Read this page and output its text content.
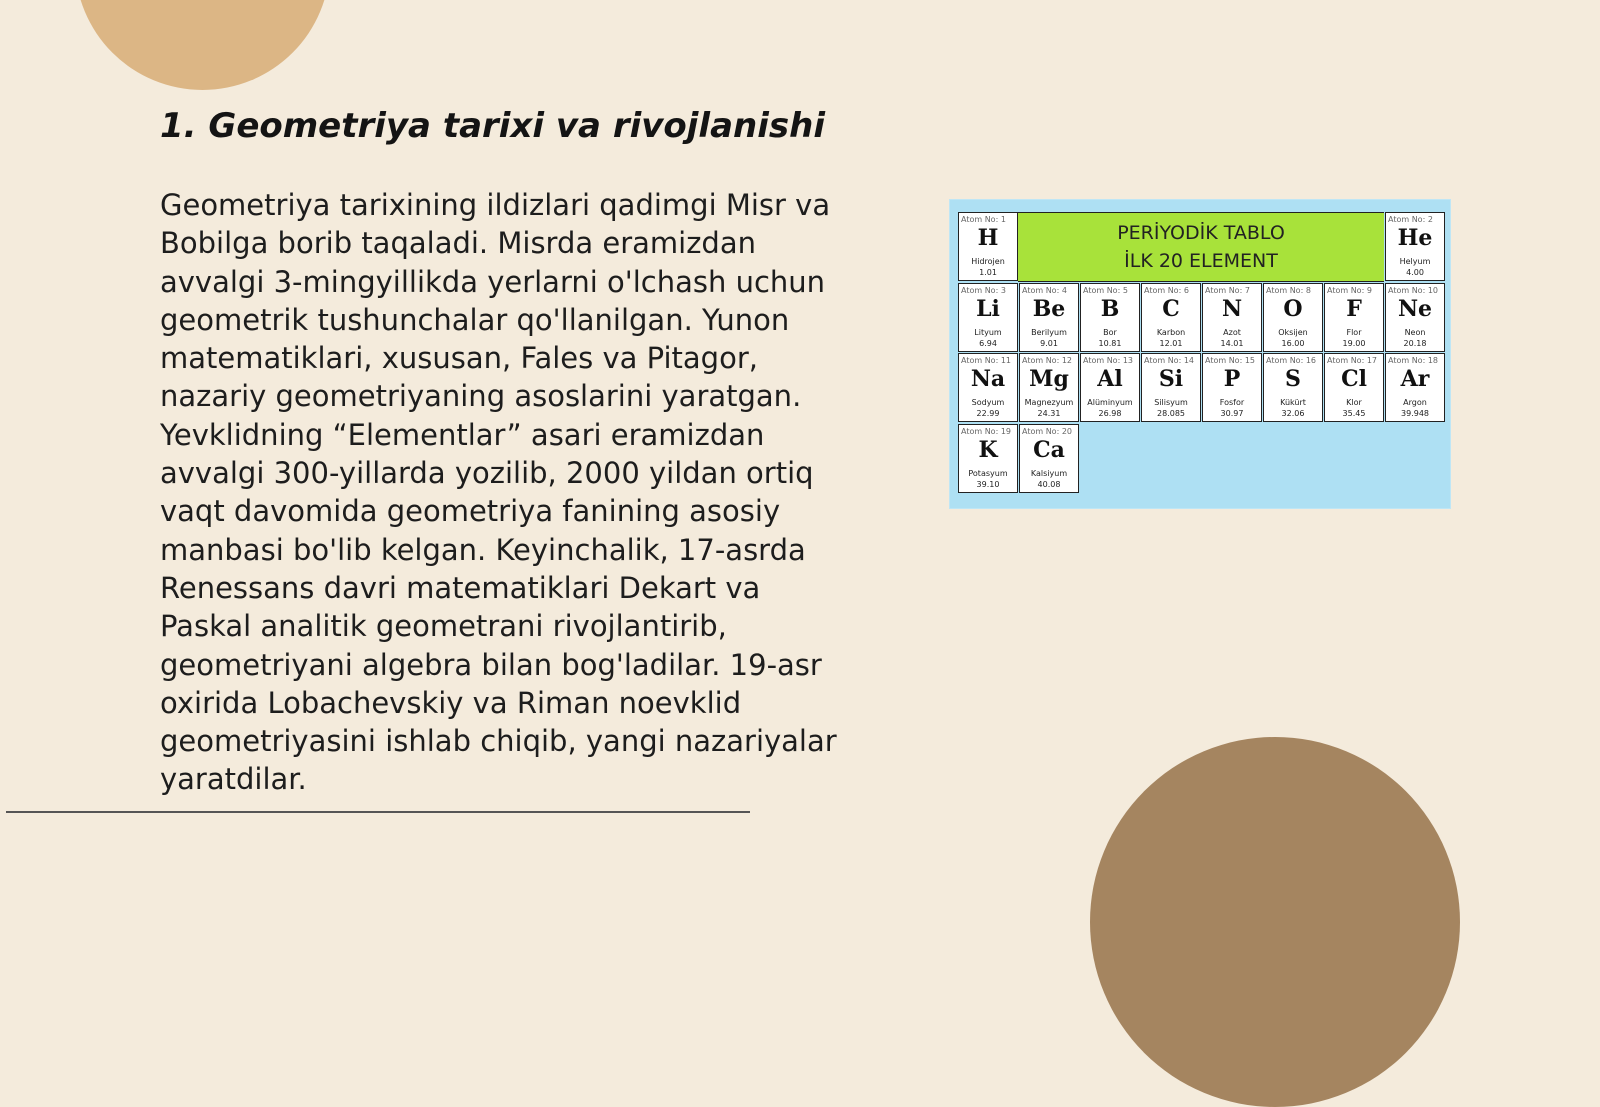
1. Geometriya tarixi va rivojlanishi

Geometriya tarixining ildizlari qadimgi Misr va Bobilga borib taqaladi. Misrda eramizdan avvalgi 3-mingyillikda yerlarni o'lchash uchun geometrik tushunchalar qo'llanilgan. Yunon matematiklari, xususan, Fales va Pitagor, nazariy geometriyaning asoslarini yaratgan. Yevklidning “Elementlar” asari eramizdan avvalgi 300-yillarda yozilib, 2000 yildan ortiq vaqt davomida geometriya fanining asosiy manbasi bo'lib kelgan. Keyinchalik, 17-asrda Renessans davri matematiklari Dekart va Paskal analitik geometrani rivojlantirib, geometriyani algebra bilan bog'ladilar. 19-asr oxirida Lobachevskiy va Riman noevklid geometriyasini ishlab chiqib, yangi nazariyalar yaratdilar.

PERİYODİK TABLO
İLK 20 ELEMENT
Atom No: 1
H
Hidrojen
1.01
Atom No: 2
He
Helyum
4.00
Atom No: 3
Li
Lityum
6.94
Atom No: 4
Be
Berilyum
9.01
Atom No: 5
B
Bor
10.81
Atom No: 6
C
Karbon
12.01
Atom No: 7
N
Azot
14.01
Atom No: 8
O
Oksijen
16.00
Atom No: 9
F
Flor
19.00
Atom No: 10
Ne
Neon
20.18
Atom No: 11
Na
Sodyum
22.99
Atom No: 12
Mg
Magnezyum
24.31
Atom No: 13
Al
Alüminyum
26.98
Atom No: 14
Si
Silisyum
28.085
Atom No: 15
P
Fosfor
30.97
Atom No: 16
S
Kükürt
32.06
Atom No: 17
Cl
Klor
35.45
Atom No: 18
Ar
Argon
39.948
Atom No: 19
K
Potasyum
39.10
Atom No: 20
Ca
Kalsiyum
40.08
